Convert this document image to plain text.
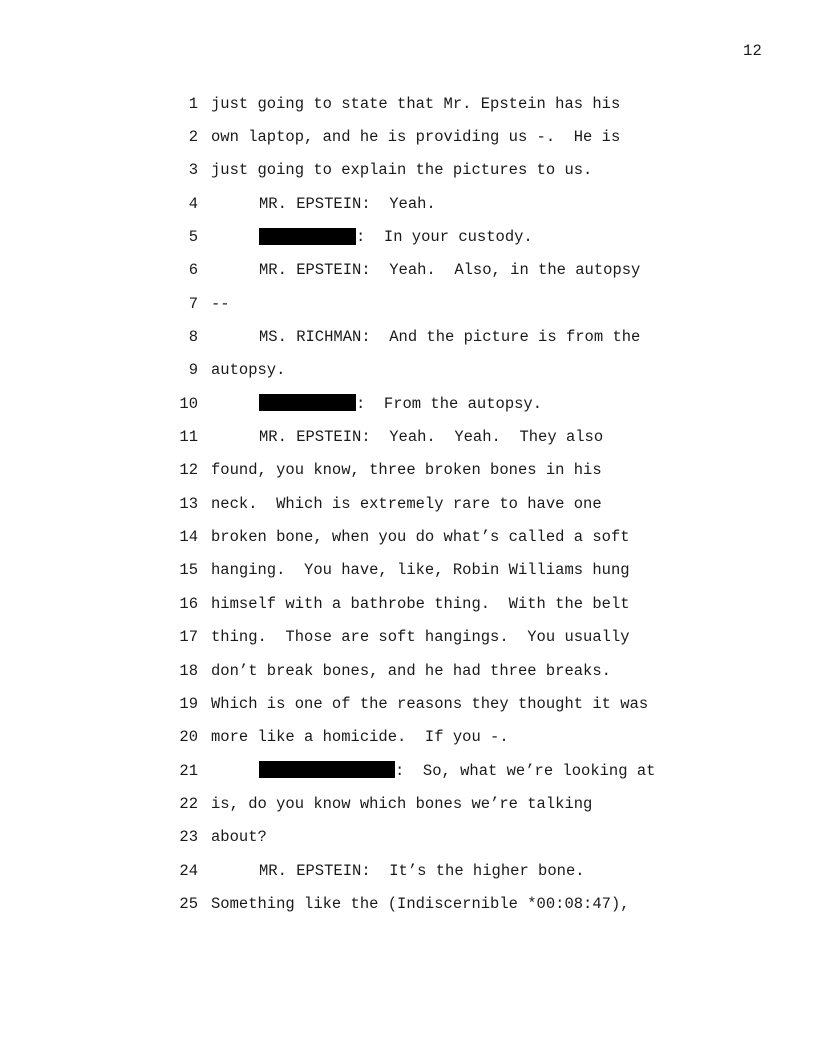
12
1 just going to state that Mr. Epstein has his
2 own laptop, and he is providing us -.  He is
3 just going to explain the pictures to us.
4	MR. EPSTEIN:  Yeah.
5	:  In your custody.
6	MR. EPSTEIN:  Yeah.  Also, in the autopsy
7 --
8	MS. RICHMAN:  And the picture is from the
9 autopsy.
10	:  From the autopsy.
11	MR. EPSTEIN:  Yeah.  Yeah.  They also
12 found, you know, three broken bones in his
13 neck.  Which is extremely rare to have one
14 broken bone, when you do what’s called a soft
15 hanging.  You have, like, Robin Williams hung
16 himself with a bathrobe thing.  With the belt
17 thing.  Those are soft hangings.  You usually
18 don’t break bones, and he had three breaks.
19 Which is one of the reasons they thought it was
20 more like a homicide.  If you -.
21	:  So, what we’re looking at
22 is, do you know which bones we’re talking
23 about?
24	MR. EPSTEIN:  It’s the higher bone.
25 Something like the (Indiscernible *00:08:47),
